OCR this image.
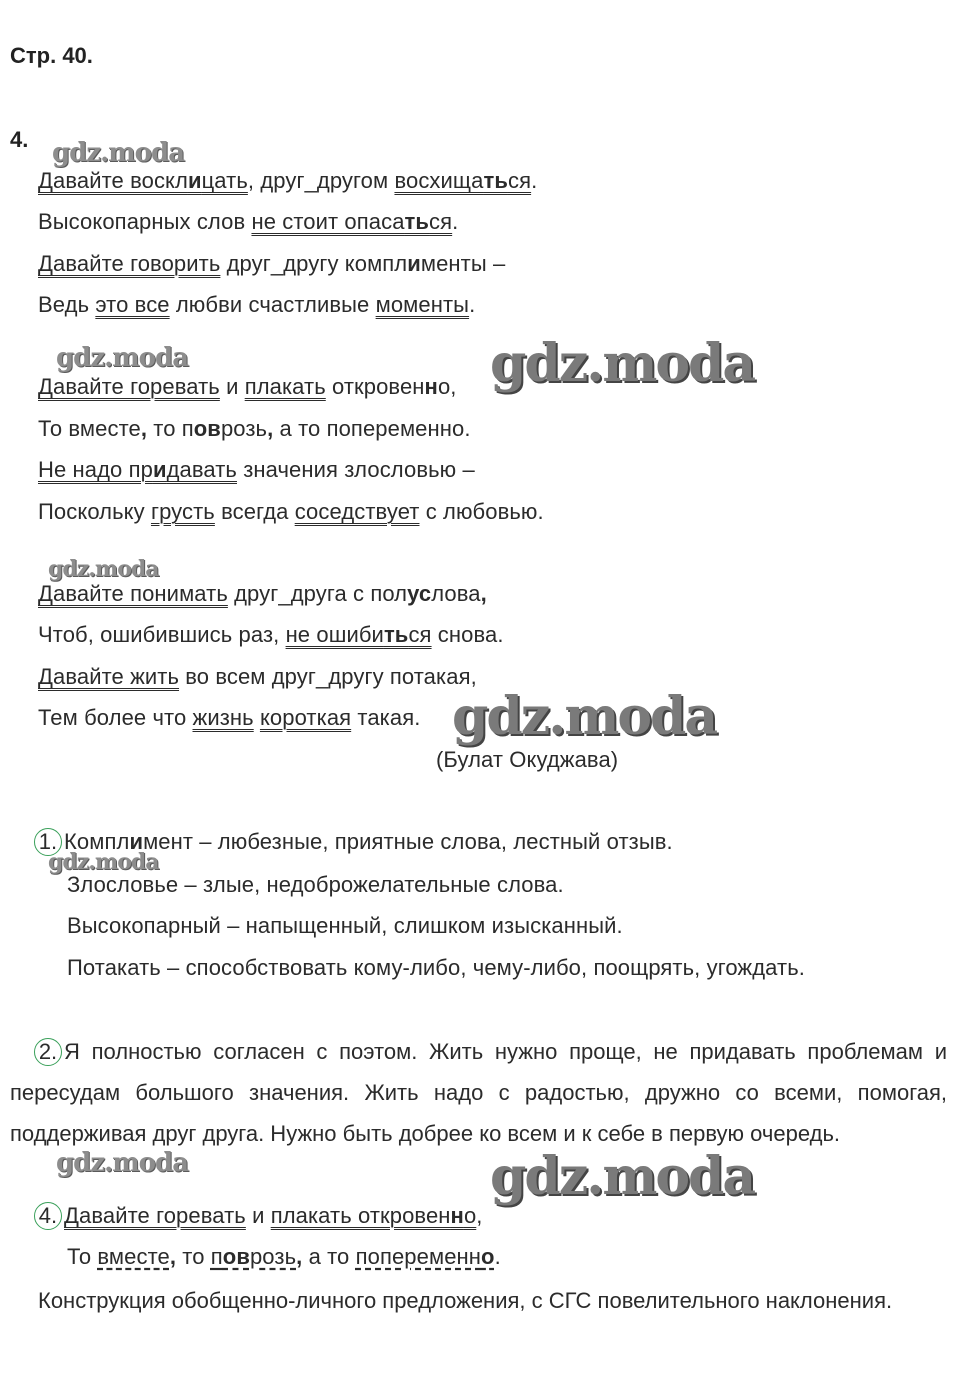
Стр. 40.
4. gdz.moda
gdz.moda	gdz.moda
gdz.moda
gdz.moda
gdz.moda
gdz.moda	gdz.moda
Давайте восклицать, друг_другом восхищаться.
Высокопарных слов не стоит опасаться.
Давайте говорить друг_другу комплименты –
Ведь это все любви счастливые моменты.
Давайте горевать и плакать откровенно,
То вместе, то поврозь, а то попеременно.
Не надо придавать значения злословью –
Поскольку грусть всегда соседствует с любовью.
Давайте понимать друг_друга с полуслова,
Чтоб, ошибившись раз, не ошибиться снова.
Давайте жить во всем друг_другу потакая,
Тем более что жизнь короткая такая.
(Булат Окуджава)
1. Комплимент – любезные, приятные слова, лестный отзыв.
Злословье – злые, недоброжелательные слова.
Высокопарный – напыщенный, слишком изысканный.
Потакать – способствовать кому-либо, чему-либо, поощрять, угождать.
2. Я полностью согласен с поэтом. Жить нужно проще, не придавать проблемам и пересудам большого значения. Жить надо с радостью, дружно со всеми, помогая, поддерживая друг друга. Нужно быть добрее ко всем и к себе в первую очередь.
4. Давайте горевать и плакать откровенно,
То вместе, то поврозь, а то попеременно.
Конструкция обобщенно-личного предложения, с СГС повелительного наклонения.
